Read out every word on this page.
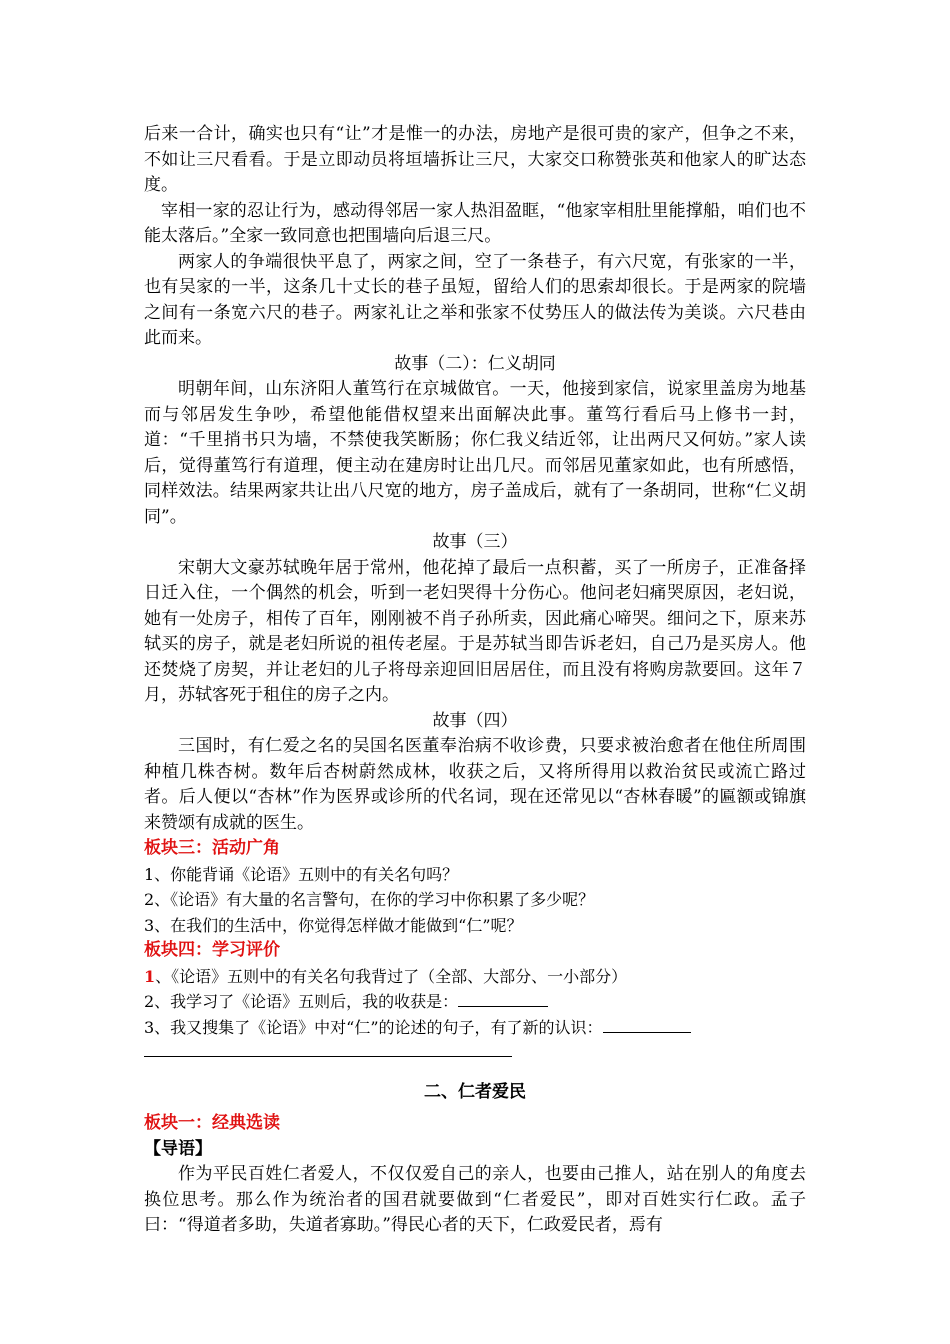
后来一合计，确实也只有“让”才是惟一的办法，房地产是很可贵的家产，但争之不来，不如让三尺看看。于是立即动员将垣墙拆让三尺，大家交口称赞张英和他家人的旷达态度。

宰相一家的忍让行为，感动得邻居一家人热泪盈眶，“他家宰相肚里能撑船，咱们也不能太落后。”全家一致同意也把围墙向后退三尺。

两家人的争端很快平息了，两家之间，空了一条巷子，有六尺宽，有张家的一半，也有吴家的一半，这条几十丈长的巷子虽短，留给人们的思索却很长。于是两家的院墙之间有一条宽六尺的巷子。两家礼让之举和张家不仗势压人的做法传为美谈。六尺巷由此而来。

故事（二）：仁义胡同

明朝年间，山东济阳人董笃行在京城做官。一天，他接到家信，说家里盖房为地基而与邻居发生争吵，希望他能借权望来出面解决此事。董笃行看后马上修书一封，道：“千里捎书只为墙，不禁使我笑断肠；你仁我义结近邻，让出两尺又何妨。”家人读后，觉得董笃行有道理，便主动在建房时让出几尺。而邻居见董家如此，也有所感悟，同样效法。结果两家共让出八尺宽的地方，房子盖成后，就有了一条胡同，世称“仁义胡同”。

故事（三）

宋朝大文豪苏轼晚年居于常州，他花掉了最后一点积蓄，买了一所房子，正准备择日迁入住，一个偶然的机会，听到一老妇哭得十分伤心。他问老妇痛哭原因，老妇说，她有一处房子，相传了百年，刚刚被不肖子孙所卖，因此痛心啼哭。细问之下，原来苏轼买的房子，就是老妇所说的祖传老屋。于是苏轼当即告诉老妇，自己乃是买房人。他还焚烧了房契，并让老妇的儿子将母亲迎回旧居居住，而且没有将购房款要回。这年７月，苏轼客死于租住的房子之内。

故事（四）

三国时，有仁爱之名的吴国名医董奉治病不收诊费，只要求被治愈者在他住所周围种植几株杏树。数年后杏树蔚然成林，收获之后，又将所得用以救治贫民或流亡路过者。后人便以“杏林”作为医界或诊所的代名词，现在还常见以“杏林春暖”的匾额或锦旗来赞颂有成就的医生。

板块三：活动广角

1、你能背诵《论语》五则中的有关名句吗？

2、《论语》有大量的名言警句，在你的学习中你积累了多少呢？

3、在我们的生活中，你觉得怎样做才能做到“仁”呢？

板块四：学习评价

1、《论语》五则中的有关名句我背过了（全部、大部分、一小部分）

2、我学习了《论语》五则后，我的收获是：

3、我又搜集了《论语》中对“仁”的论述的句子，有了新的认识：

二、仁者爱民

板块一：经典选读

【导语】

作为平民百姓仁者爱人，不仅仅爱自己的亲人，也要由己推人，站在别人的角度去换位思考。那么作为统治者的国君就要做到“仁者爱民”，即对百姓实行仁政。孟子曰：“得道者多助，失道者寡助。”得民心者的天下，仁政爱民者，焉有
